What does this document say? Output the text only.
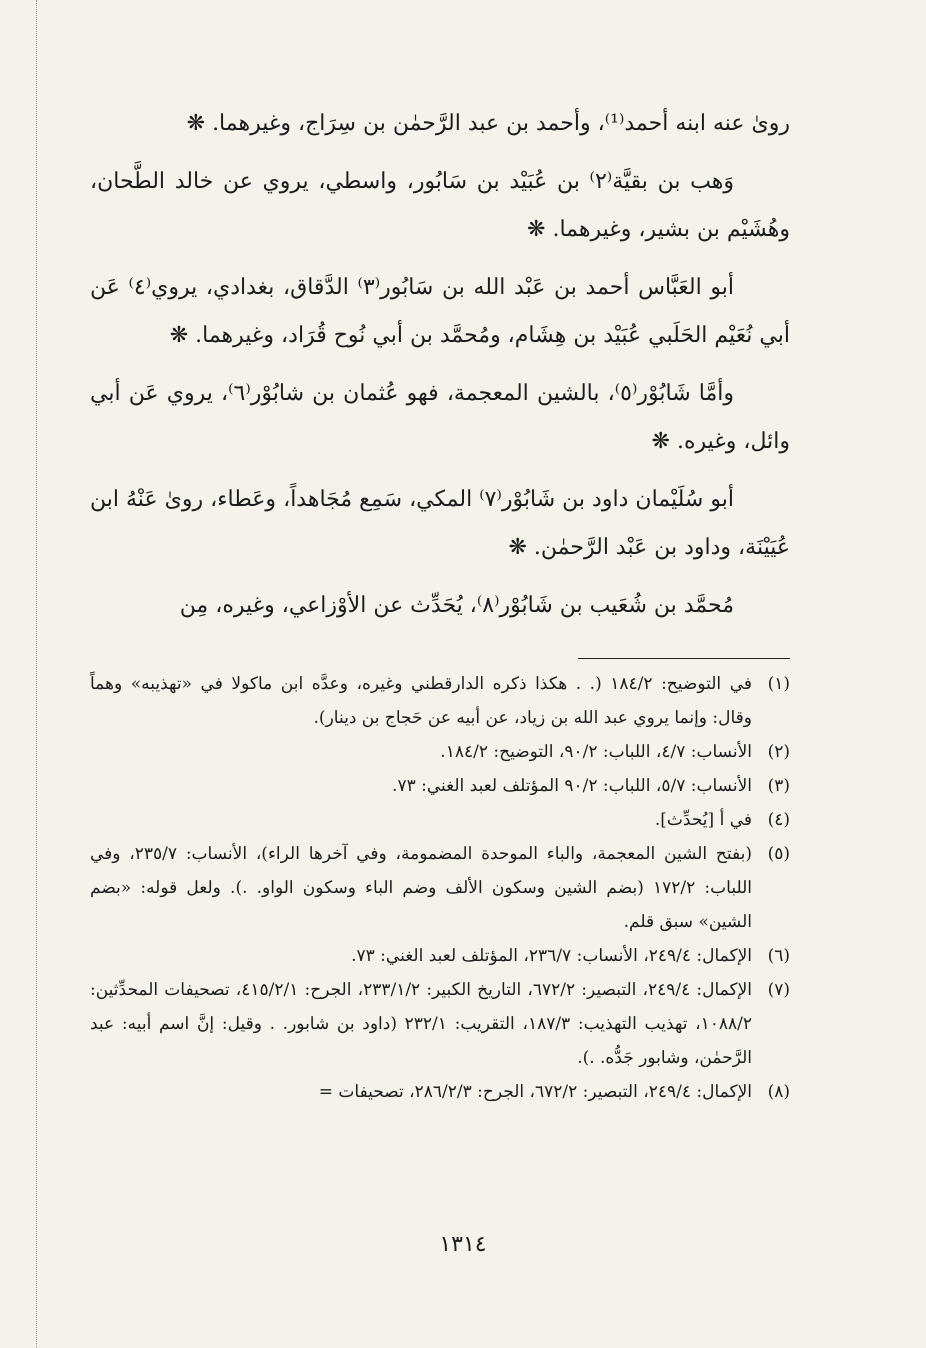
روىٰ عنه ابنه أحمد⁽¹⁾، وأحمد بن عبد الرَّحمٰن بن سِرَاج، وغيرهما. ❋

وَهب بن بقيَّة⁽٢⁾ بن عُبَيْد بن سَابُور، واسطي، يروي عن خالد الطَّحان، وهُشَيْم بن بشير، وغيرهما. ❋

أبو العَبَّاس أحمد بن عَبْد الله بن سَابُور⁽٣⁾ الدَّقاق، بغدادي، يروي⁽٤⁾ عَن أبي نُعَيْم الحَلَبي عُبَيْد بن هِشَام، ومُحمَّد بن أبي نُوح قُرَاد، وغيرهما. ❋

وأمَّا شَابُوْر⁽٥⁾، بالشين المعجمة، فهو عُثمان بن شابُوْر⁽٦⁾، يروي عَن أبي وائل، وغيره. ❋

أبو سُلَيْمان داود بن شَابُوْر⁽٧⁾ المكي، سَمِع مُجَاهداً، وعَطاء، روىٰ عَنْهُ ابن عُيَيْنَة، وداود بن عَبْد الرَّحمٰن. ❋

مُحمَّد بن شُعَيب بن شَابُوْر⁽٨⁾، يُحَدِّث عن الأوْزاعي، وغيره، مِن

(١)
في التوضيح: ١٨٤/٢ (. . هكذا ذكره الدارقطني وغيره، وعدَّه ابن ماكولا في «تهذيبه» وهماً وقال: وإنما يروي عبد الله بن زياد، عن أبيه عن حَجاج بن دينار).
(٢)
الأنساب: ٤/٧، اللباب: ٩٠/٢، التوضيح: ١٨٤/٢.
(٣)
الأنساب: ٥/٧، اللباب: ٩٠/٢ المؤتلف لعبد الغني: ٧٣.
(٤)
في أ [يُحدِّث].
(٥)
(بفتح الشين المعجمة، والباء الموحدة المضمومة، وفي آخرها الراء)، الأنساب: ٢٣٥/٧، وفي اللباب: ١٧٢/٢ (بضم الشين وسكون الألف وضم الباء وسكون الواو. .). ولعل قوله: «بضم الشين» سبق قلم.
(٦)
الإكمال: ٢٤٩/٤، الأنساب: ٢٣٦/٧، المؤتلف لعبد الغني: ٧٣.
(٧)
الإكمال: ٢٤٩/٤، التبصير: ٦٧٢/٢، التاريخ الكبير: ٢٣٣/١/٢، الجرح: ٤١٥/٢/١، تصحيفات المحدِّثين: ١٠٨٨/٢، تهذيب التهذيب: ١٨٧/٣، التقريب: ٢٣٢/١ (داود بن شابور. . وقيل: إنَّ اسم أبيه: عبد الرَّحمٰن، وشابور جَدُّه. .).
(٨)
الإكمال: ٢٤٩/٤، التبصير: ٦٧٢/٢، الجرح: ٢٨٦/٢/٣، تصحيفات =
١٣١٤
